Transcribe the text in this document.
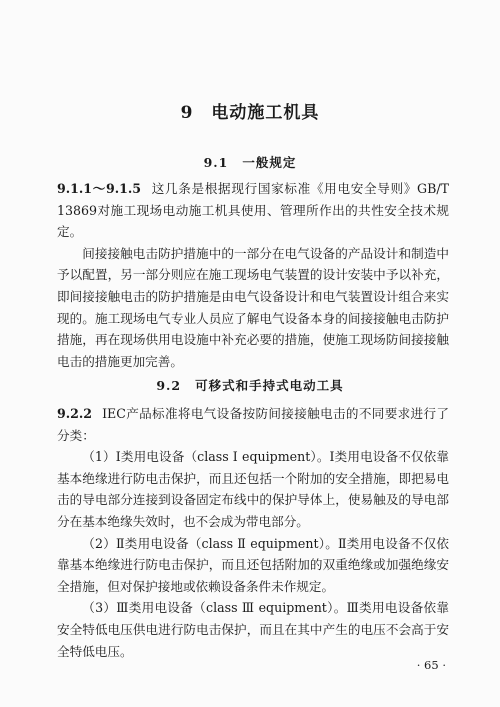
9 电动施工机具
9.1 一般规定

9.1.1～9.1.5 这几条是根据现行国家标准《用电安全导则》GB/T 13869对施工现场电动施工机具使用、管理所作出的共性安全技术规定。

间接接触电击防护措施中的一部分在电气设备的产品设计和制造中予以配置，另一部分则应在施工现场电气装置的设计安装中予以补充，即间接接触电击的防护措施是由电气设备设计和电气装置设计组合来实现的。施工现场电气专业人员应了解电气设备本身的间接接触电击防护措施，再在现场供用电设施中补充必要的措施，使施工现场防间接接触电击的措施更加完善。

9.2 可移式和手持式电动工具

9.2.2 IEC产品标准将电气设备按防间接接触电击的不同要求进行了分类：

（1）Ⅰ类用电设备（class Ⅰ equipment）。Ⅰ类用电设备不仅依靠基本绝缘进行防电击保护，而且还包括一个附加的安全措施，即把易电击的导电部分连接到设备固定布线中的保护导体上，使易触及的导电部分在基本绝缘失效时，也不会成为带电部分。

（2）Ⅱ类用电设备（class Ⅱ equipment）。Ⅱ类用电设备不仅依靠基本绝缘进行防电击保护，而且还包括附加的双重绝缘或加强绝缘安全措施，但对保护接地或依赖设备条件未作规定。

（3）Ⅲ类用电设备（class Ⅲ equipment）。Ⅲ类用电设备依靠安全特低电压供电进行防电击保护，而且在其中产生的电压不会高于安全特低电压。

· 65 ·
